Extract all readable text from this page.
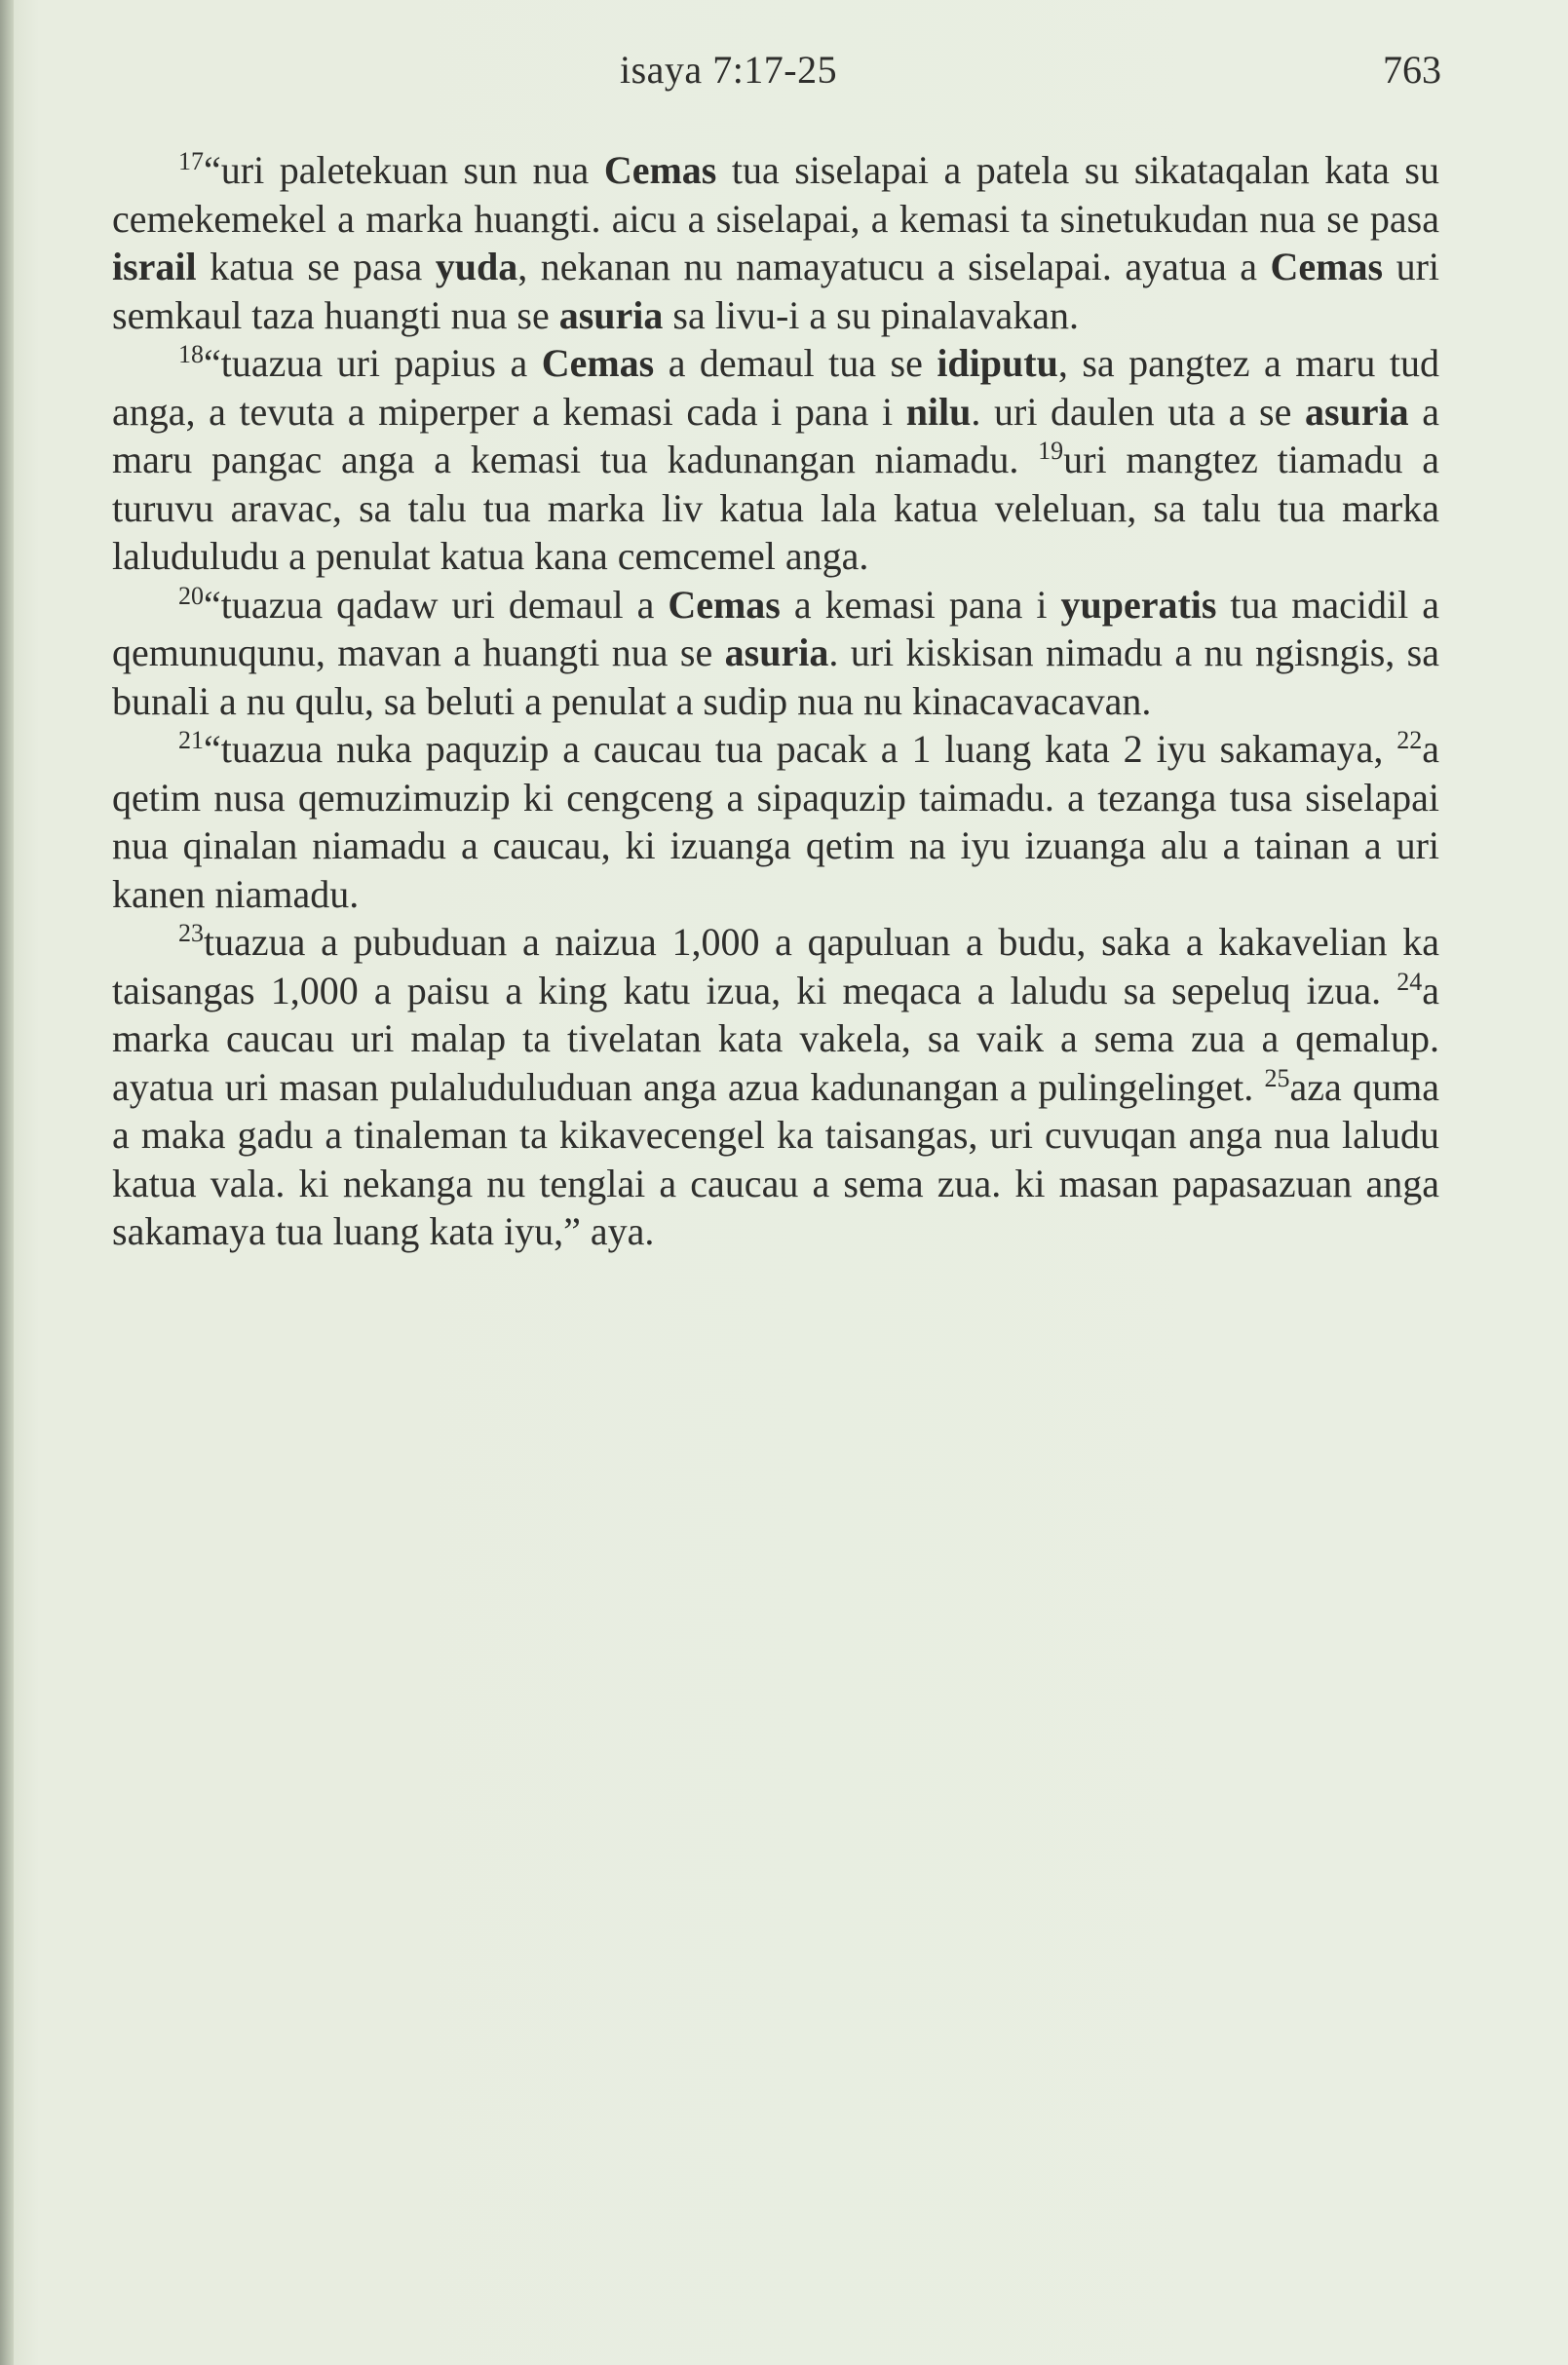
isaya 7:17-25	763

$^{17}$“uri paletekuan sun nua Cemas tua siselapai a patela su sikataqalan kata su cemekemekel a marka huangti. aicu a siselapai, a kemasi ta sinetukudan nua se pasa israil katua se pasa yuda, nekanan nu namayatucu a siselapai. ayatua a Cemas uri semkaul taza huangti nua se asuria sa livu-i a su pinalavakan.

$^{18}$“tuazua uri papius a Cemas a demaul tua se idiputu, sa pangtez a maru tud anga, a tevuta a miperper a kemasi cada i pana i nilu. uri daulen uta a se asuria a maru pangac anga a kemasi tua kadunangan niamadu. $^{19}$uri mangtez tiamadu a turuvu aravac, sa talu tua marka liv katua lala katua veleluan, sa talu tua marka laluduludu a penulat katua kana cemcemel anga.

$^{20}$“tuazua qadaw uri demaul a Cemas a kemasi pana i yuperatis tua macidil a qemunuqunu, mavan a huangti nua se asuria. uri kiskisan nimadu a nu ngisngis, sa bunali a nu qulu, sa beluti a penulat a sudip nua nu kinacavacavan.

$^{21}$“tuazua nuka paquzip a caucau tua pacak a 1 luang kata 2 iyu sakamaya, $^{22}$a qetim nusa qemuzimuzip ki cengceng a sipaquzip taimadu. a tezanga tusa siselapai nua qinalan niamadu a caucau, ki izuanga qetim na iyu izuanga alu a tainan a uri kanen niamadu.

$^{23}$tuazua a pubuduan a naizua 1,000 a qapuluan a budu, saka a kakavelian ka taisangas 1,000 a paisu a king katu izua, ki meqaca a laludu sa sepeluq izua. $^{24}$a marka caucau uri malap ta tivelatan kata vakela, sa vaik a sema zua a qemalup. ayatua uri masan pulaluduluduan anga azua kadunangan a pulingelinget. $^{25}$aza quma a maka gadu a tinaleman ta kikavecengel ka taisangas, uri cuvuqan anga nua laludu katua vala. ki nekanga nu tenglai a caucau a sema zua. ki masan papasazuan anga sakamaya tua luang kata iyu,” aya.
